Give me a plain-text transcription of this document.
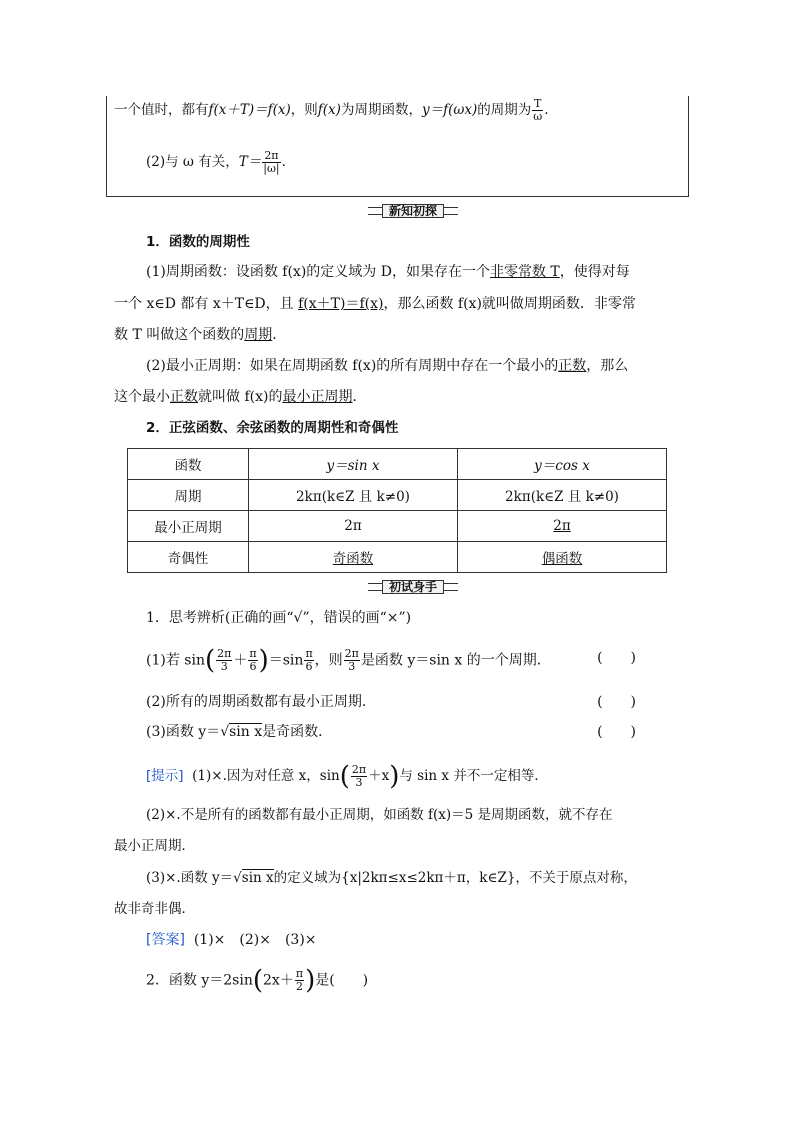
一个值时，都有f(x＋T)＝f(x)，则f(x)为周期函数，y＝f(ωx)的周期为 $\frac{T}{\omega}$ .
(2)与 ω 有关，$T= \frac{2\pi}{|\omega|}$ .
新知初探
1．函数的周期性
(1)周期函数：设函数 f(x)的定义域为 D，如果存在一个非零常数 T，使得对每
一个 x∈D 都有 x＋T∈D，且 f(x＋T)＝f(x)，那么函数 f(x)就叫做周期函数．非零常
数 T 叫做这个函数的周期．
(2)最小正周期：如果在周期函数 f(x)的所有周期中存在一个最小的正数，那么
这个最小正数就叫做 f(x)的最小正周期．
2．正弦函数、余弦函数的周期性和奇偶性
函数	y＝sin x	y＝cos x
周期	2kπ(k∈Z 且 k≠0)	2kπ(k∈Z 且 k≠0)
最小正周期	2π	2π
奇偶性	奇函数	偶函数
初试身手
1．思考辨析(正确的画“√”，错误的画“×”)
(1)若 $\sin( \frac{2\pi}{3} + \frac{\pi}{6} )=\sin \frac{\pi}{6}$ ，则 $\frac{2\pi}{3}$ 是函数 y＝sin x 的一个周期．	(　　)
(2)所有的周期函数都有最小正周期．	(　　)
(3)函数 y＝√sin x是奇函数．	(　　)
[提示] (1)×.因为对任意 x，$\sin( \frac{2\pi}{3} +x)$与 sin x 并不一定相等．
(2)×.不是所有的函数都有最小正周期，如函数 f(x)＝5 是周期函数，就不存在
最小正周期．
(3)×.函数 y＝√sin x的定义域为{x|2kπ≤x≤2kπ＋π，k∈Z}，不关于原点对称，
故非奇非偶．
[答案] (1)×　(2)×　(3)×
2．函数 $y=2\sin(2x+ \frac{\pi}{2}$ )是(　　)
